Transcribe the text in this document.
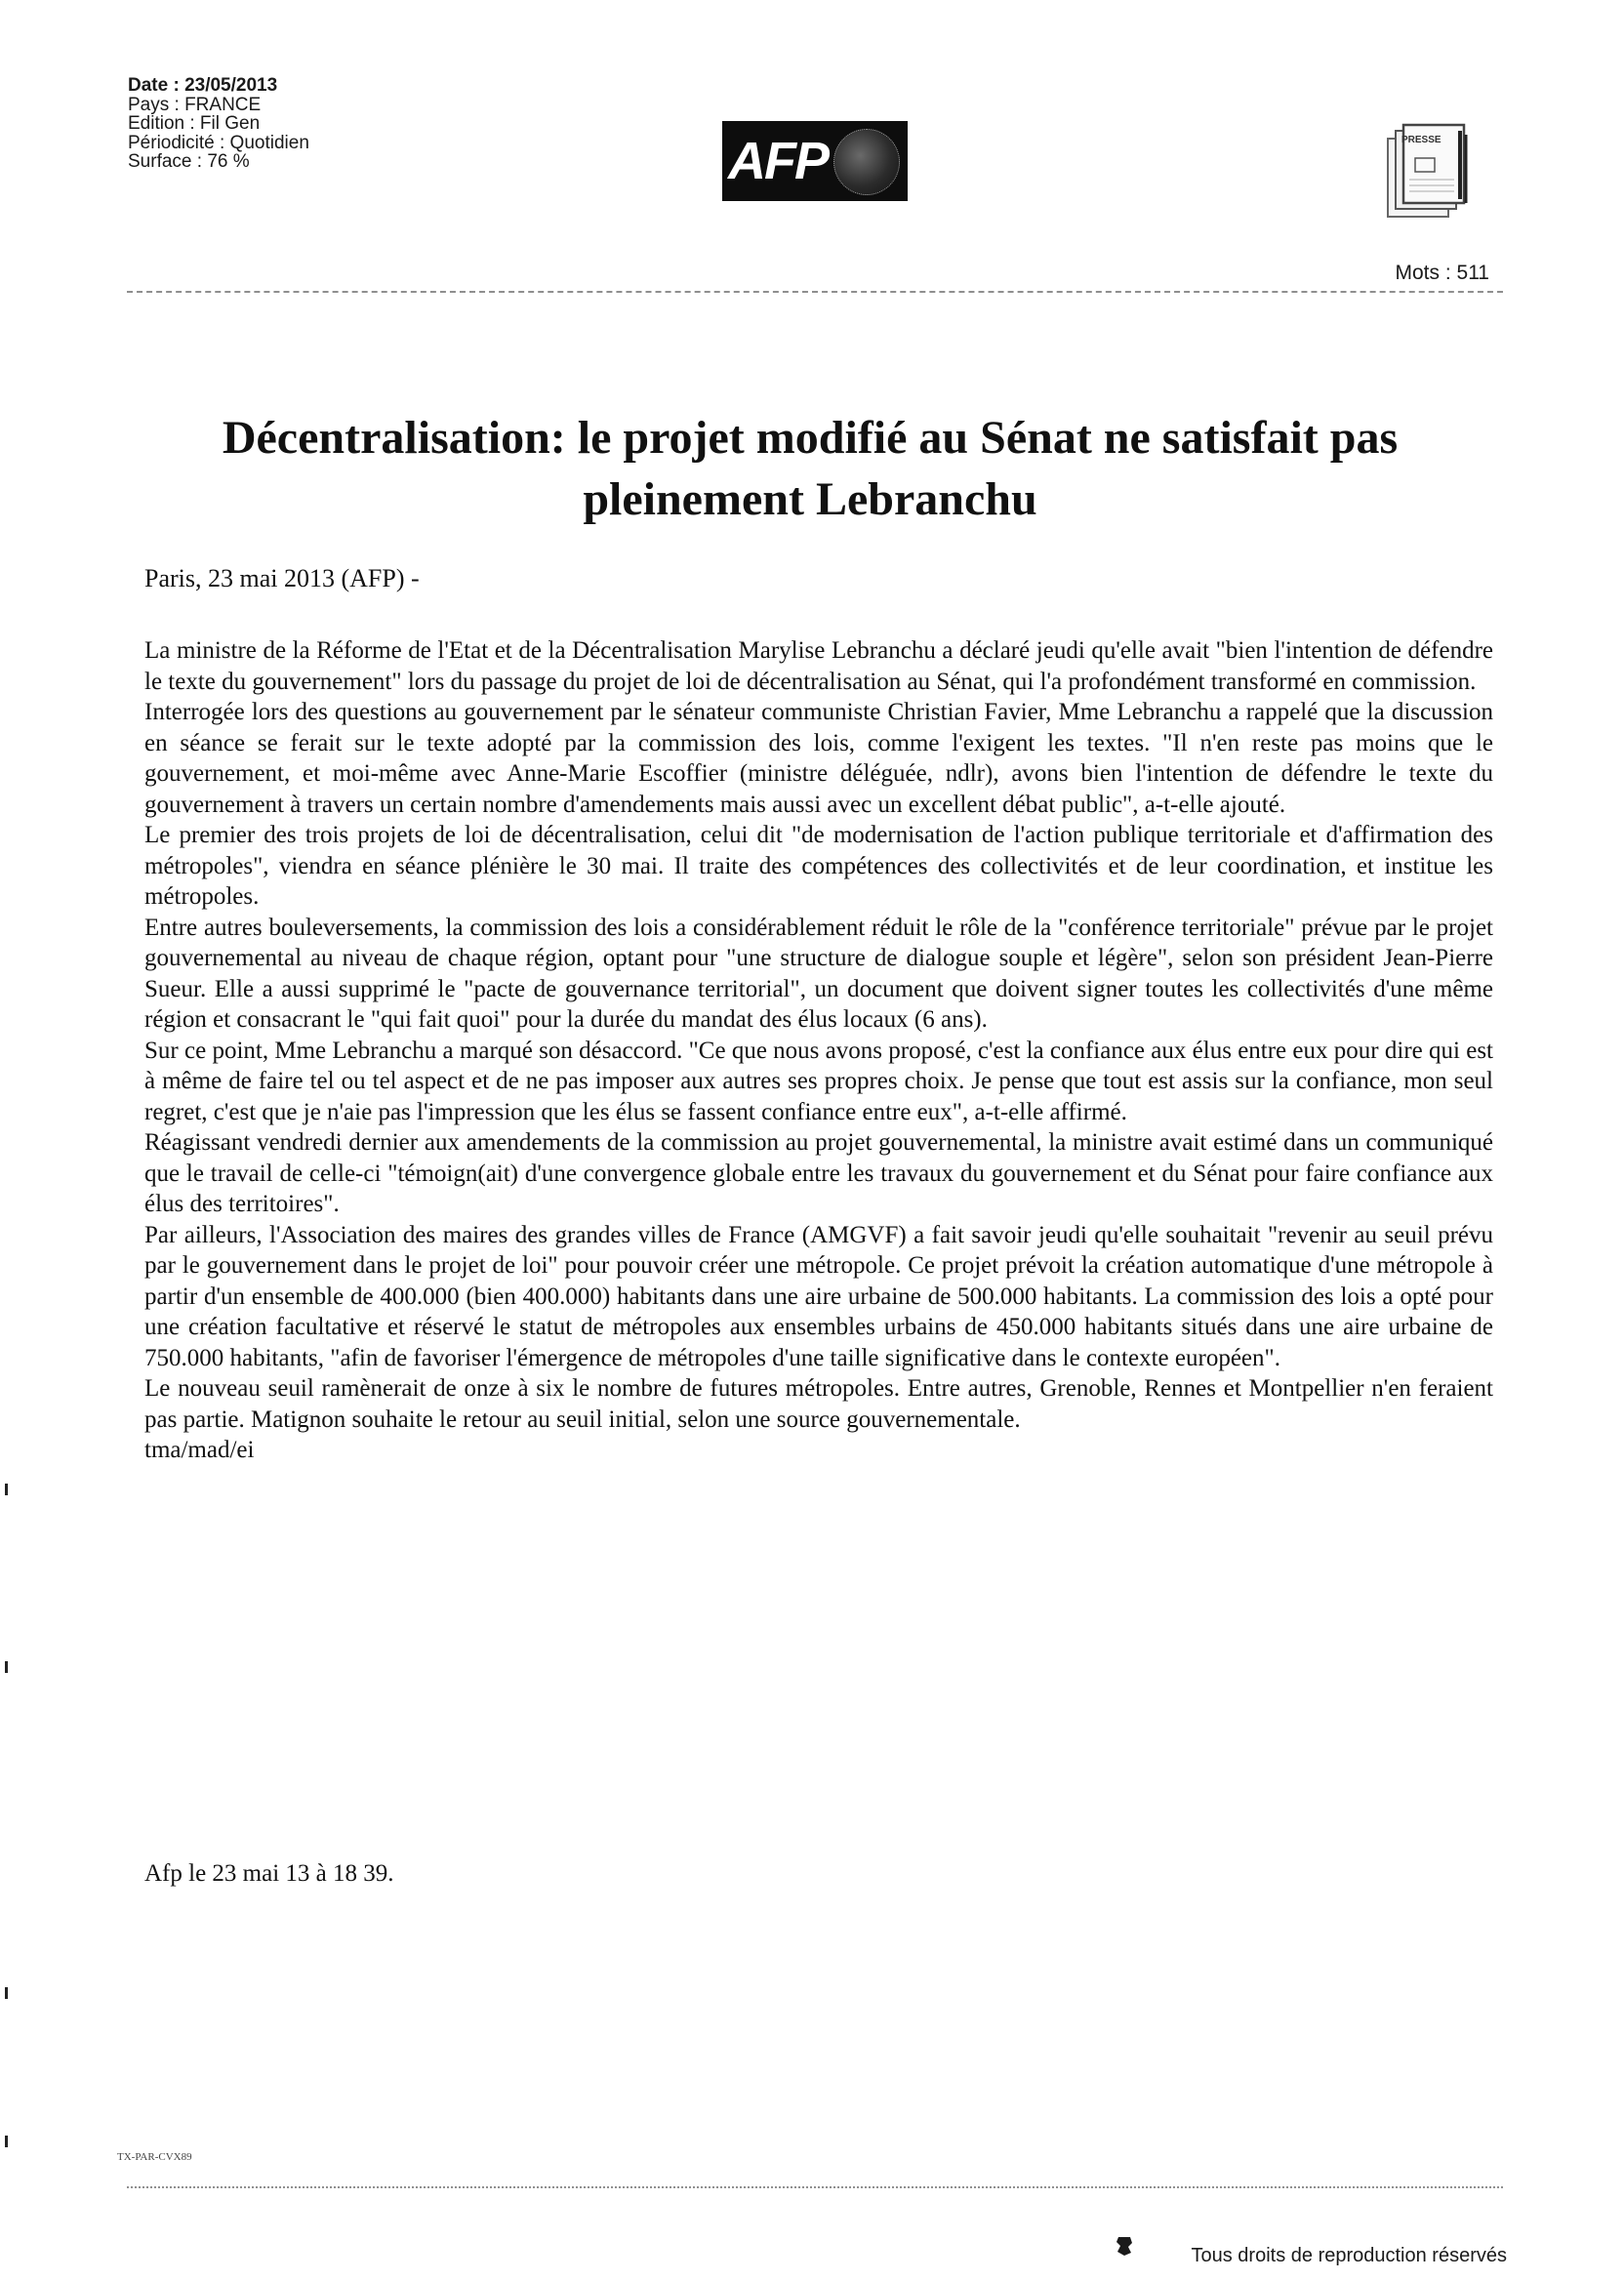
Date : 23/05/2013
Pays : FRANCE
Edition : Fil Gen
Périodicité : Quotidien
Surface : 76 %	AFP	PRESSE
Mots : 511
Décentralisation: le projet modifié au Sénat ne satisfait pas pleinement Lebranchu
Paris, 23 mai 2013 (AFP) -

La ministre de la Réforme de l'Etat et de la Décentralisation Marylise Lebranchu a déclaré jeudi qu'elle avait "bien l'intention de défendre le texte du gouvernement" lors du passage du projet de loi de décentralisation au Sénat, qui l'a profondément transformé en commission.

Interrogée lors des questions au gouvernement par le sénateur communiste Christian Favier, Mme Lebranchu a rappelé que la discussion en séance se ferait sur le texte adopté par la commission des lois, comme l'exigent les textes. "Il n'en reste pas moins que le gouvernement, et moi-même avec Anne-Marie Escoffier (ministre déléguée, ndlr), avons bien l'intention de défendre le texte du gouvernement à travers un certain nombre d'amendements mais aussi avec un excellent débat public", a-t-elle ajouté.

Le premier des trois projets de loi de décentralisation, celui dit "de modernisation de l'action publique territoriale et d'affirmation des métropoles", viendra en séance plénière le 30 mai. Il traite des compétences des collectivités et de leur coordination, et institue les métropoles.

Entre autres bouleversements, la commission des lois a considérablement réduit le rôle de la "conférence territoriale" prévue par le projet gouvernemental au niveau de chaque région, optant pour "une structure de dialogue souple et légère", selon son président Jean-Pierre Sueur. Elle a aussi supprimé le "pacte de gouvernance territorial", un document que doivent signer toutes les collectivités d'une même région et consacrant le "qui fait quoi" pour la durée du mandat des élus locaux (6 ans).

Sur ce point, Mme Lebranchu a marqué son désaccord. "Ce que nous avons proposé, c'est la confiance aux élus entre eux pour dire qui est à même de faire tel ou tel aspect et de ne pas imposer aux autres ses propres choix. Je pense que tout est assis sur la confiance, mon seul regret, c'est que je n'aie pas l'impression que les élus se fassent confiance entre eux", a-t-elle affirmé.

Réagissant vendredi dernier aux amendements de la commission au projet gouvernemental, la ministre avait estimé dans un communiqué que le travail de celle-ci "témoign(ait) d'une convergence globale entre les travaux du gouvernement et du Sénat pour faire confiance aux élus des territoires".

Par ailleurs, l'Association des maires des grandes villes de France (AMGVF) a fait savoir jeudi qu'elle souhaitait "revenir au seuil prévu par le gouvernement dans le projet de loi" pour pouvoir créer une métropole. Ce projet prévoit la création automatique d'une métropole à partir d'un ensemble de 400.000 (bien 400.000) habitants dans une aire urbaine de 500.000 habitants. La commission des lois a opté pour une création facultative et réservé le statut de métropoles aux ensembles urbains de 450.000 habitants situés dans une aire urbaine de 750.000 habitants, "afin de favoriser l'émergence de métropoles d'une taille significative dans le contexte européen".

Le nouveau seuil ramènerait de onze à six le nombre de futures métropoles. Entre autres, Grenoble, Rennes et Montpellier n'en feraient pas partie. Matignon souhaite le retour au seuil initial, selon une source gouvernementale.

tma/mad/ei

Afp le 23 mai 13 à 18 39.
TX-PAR-CVX89
Tous droits de reproduction réservés
